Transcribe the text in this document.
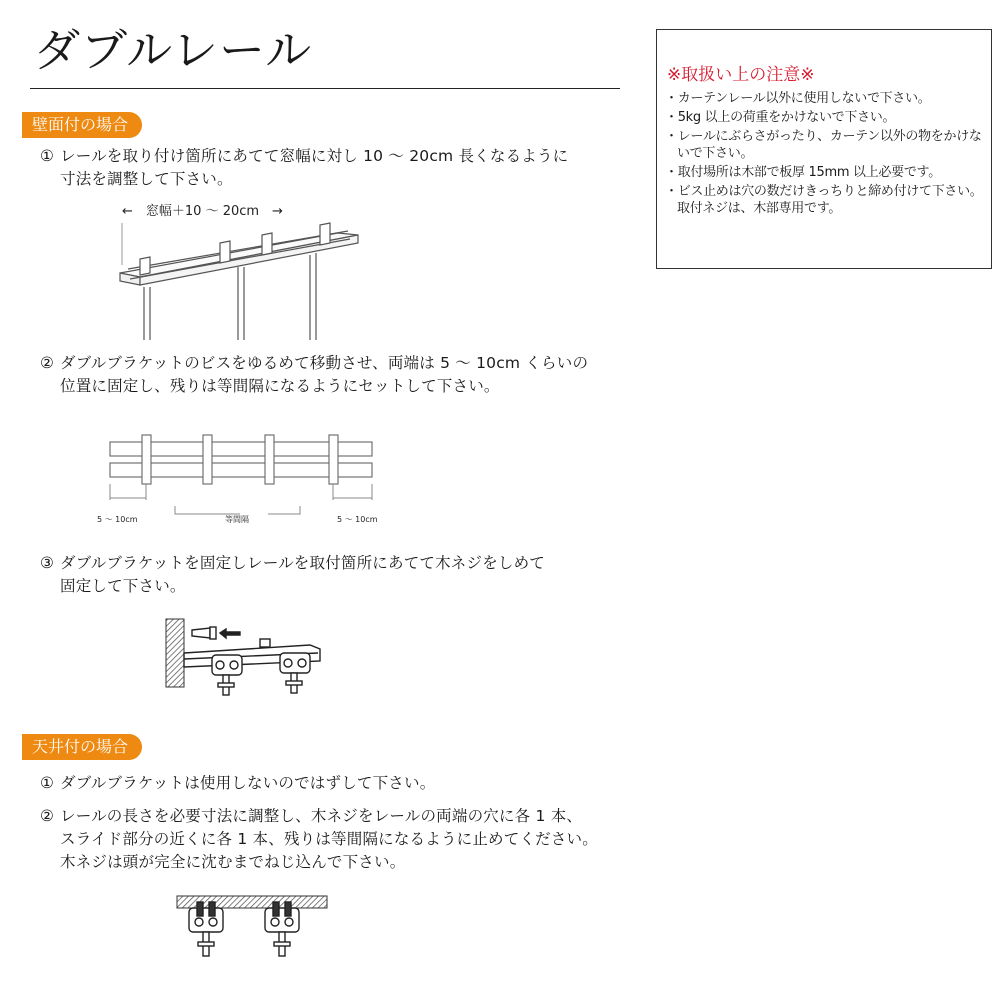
ダブルレール	※取扱い上の注意※

・カーテンレール以外に使用しないで下さい。
・5kg 以上の荷重をかけないで下さい。
・レールにぶらさがったり、カーテン以外の物をかけないで下さい。
・取付場所は木部で板厚 15mm 以上必要です。
・ビス止めは穴の数だけきっちりと締め付けて下さい。取付ネジは、木部専用です。
壁面付の場合

① レールを取り付け箇所にあてて窓幅に対し 10 〜 20cm 長くなるように
寸法を調整して下さい。

←　窓幅＋10 〜 20cm　→

② ダブルブラケットのビスをゆるめて移動させ、両端は 5 〜 10cm くらいの
位置に固定し、残りは等間隔になるようにセットして下さい。

5 〜 10cm	等間隔	5 〜 10cm

③ ダブルブラケットを固定しレールを取付箇所にあてて木ネジをしめて
固定して下さい。

天井付の場合

① ダブルブラケットは使用しないのではずして下さい。

② レールの長さを必要寸法に調整し、木ネジをレールの両端の穴に各 1 本、
スライド部分の近くに各 1 本、残りは等間隔になるように止めてください。
木ネジは頭が完全に沈むまでねじ込んで下さい。
